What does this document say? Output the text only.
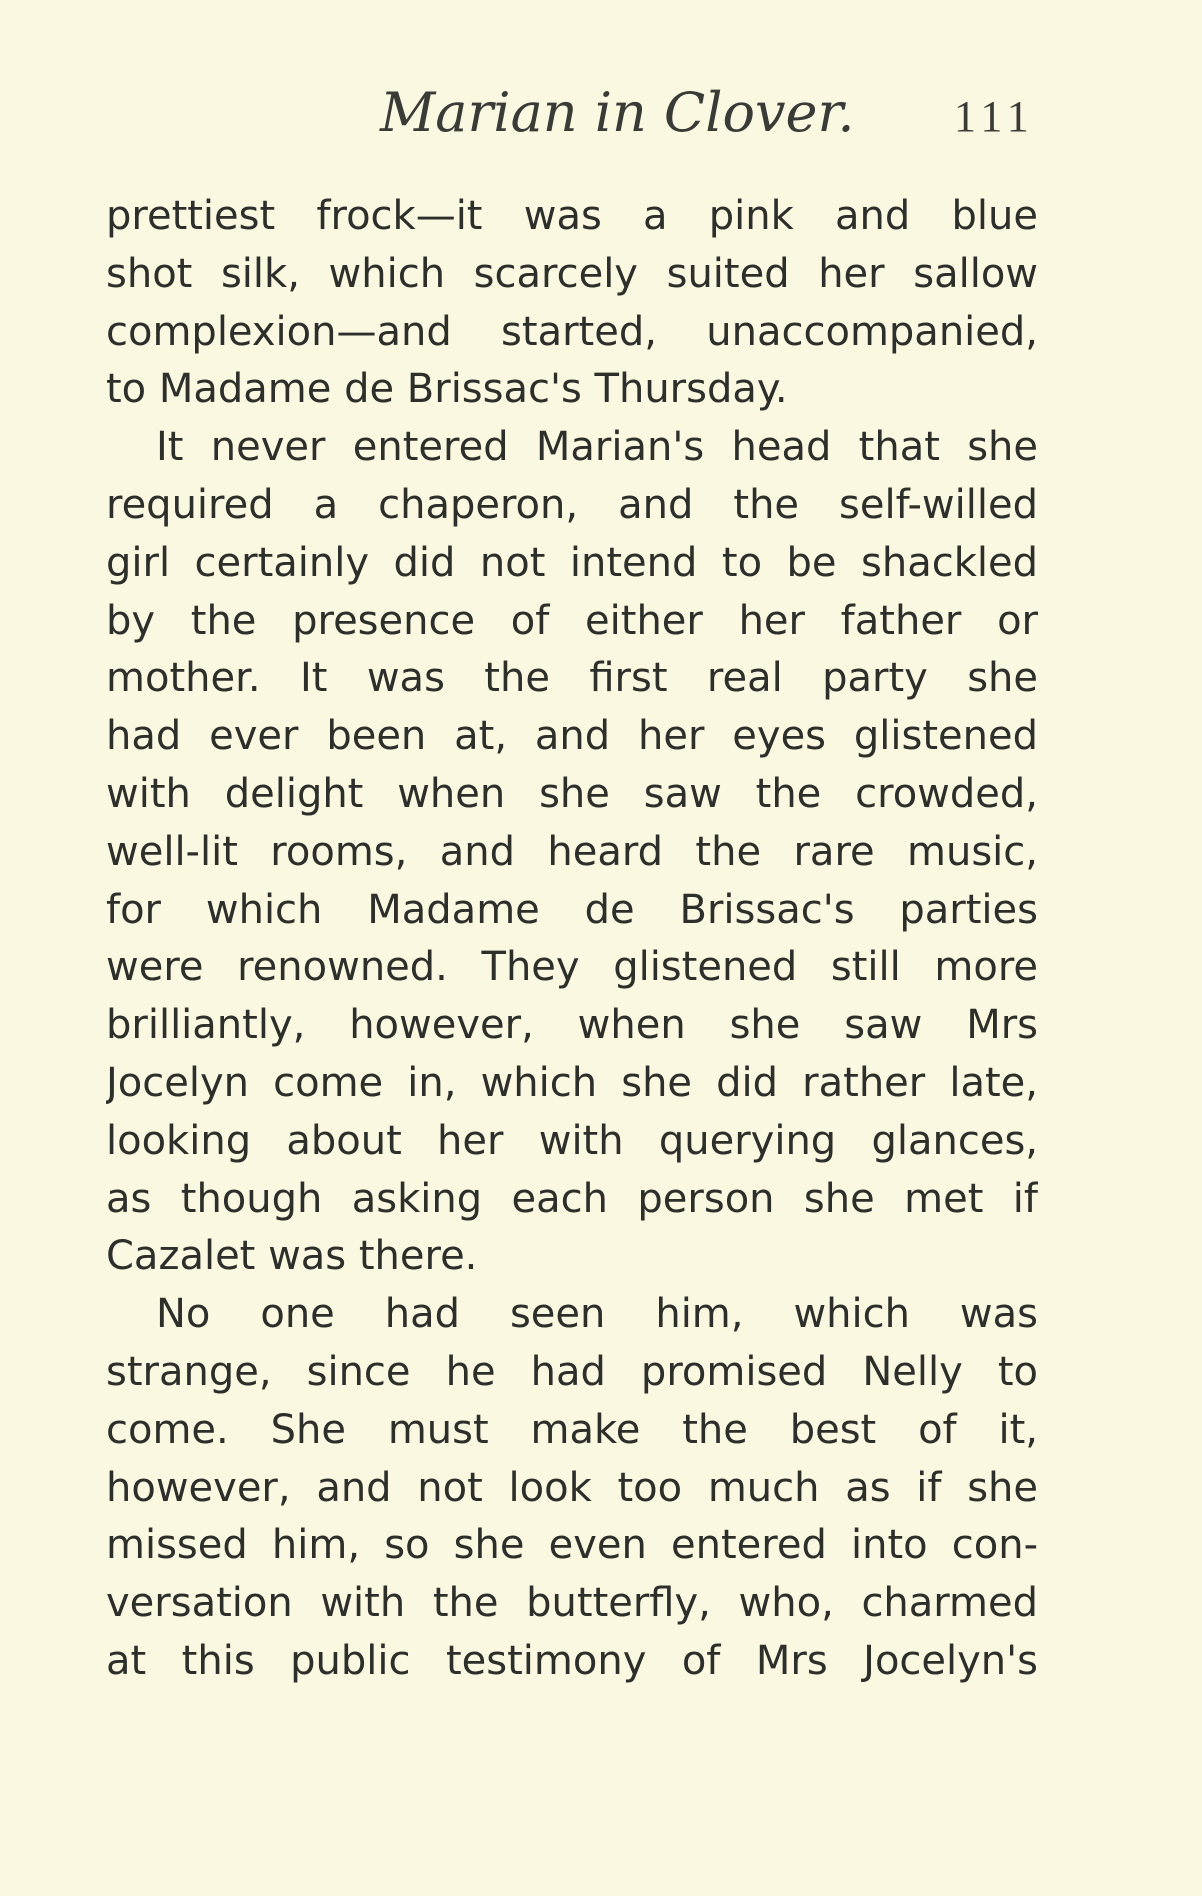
Marian in Clover. 111
prettiest frock—it was a pink and blue
shot silk, which scarcely suited her sallow
complexion—and started, unaccompanied,
to Madame de Brissac's Thursday.
It never entered Marian's head that she
required a chaperon, and the self-willed
girl certainly did not intend to be shackled
by the presence of either her father or
mother. It was the first real party she
had ever been at, and her eyes glistened
with delight when she saw the crowded,
well-lit rooms, and heard the rare music,
for which Madame de Brissac's parties
were renowned. They glistened still more
brilliantly, however, when she saw Mrs
Jocelyn come in, which she did rather late,
looking about her with querying glances,
as though asking each person she met if
Cazalet was there.
No one had seen him, which was
strange, since he had promised Nelly to
come. She must make the best of it,
however, and not look too much as if she
missed him, so she even entered into con-
versation with the butterfly, who, charmed
at this public testimony of Mrs Jocelyn's
